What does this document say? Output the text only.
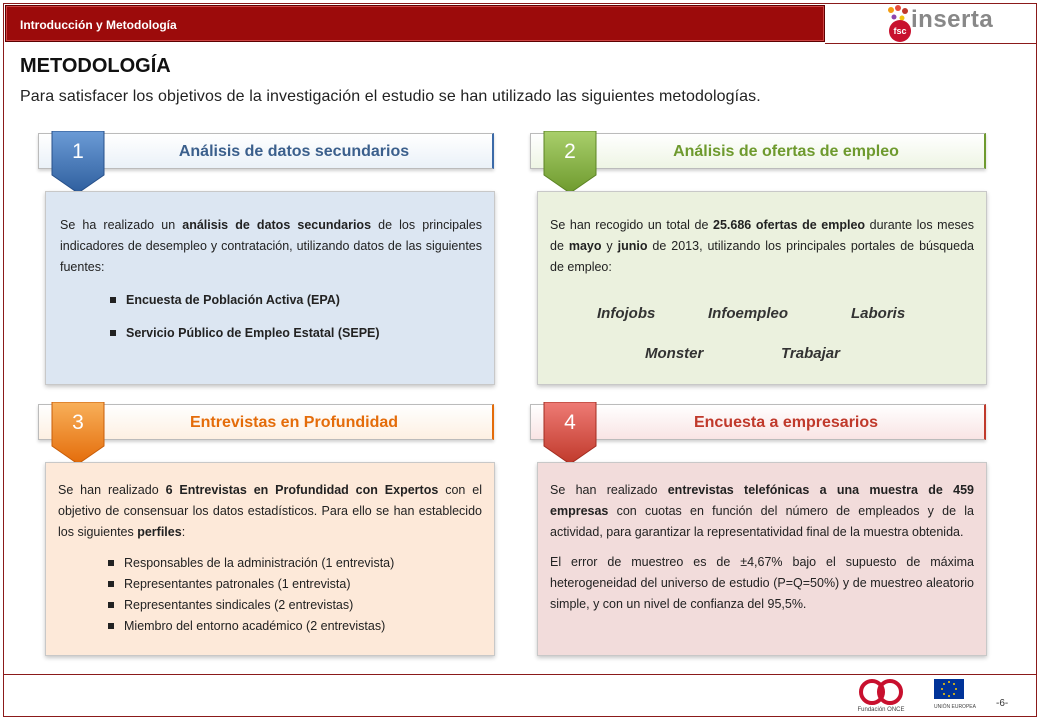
Introducción y Metodología	fsc inserta
METODOLOGÍA
Para satisfacer los objetivos de la investigación el estudio se han utilizado las siguientes metodologías.
Análisis de datos secundarios
1

Se ha realizado un análisis de datos secundarios de los principales indicadores de desempleo y contratación, utilizando datos de las siguientes fuentes:

Encuesta de Población Activa (EPA)
Servicio Público de Empleo Estatal (SEPE)
Análisis de ofertas de empleo
2

Se han recogido un total de 25.686 ofertas de empleo durante los meses de mayo y junio de 2013, utilizando los principales portales de búsqueda de empleo:

Infojobs	Infoempleo	Laboris
Monster	Trabajar
Entrevistas en Profundidad
3

Se han realizado 6 Entrevistas en Profundidad con Expertos con el objetivo de consensuar los datos estadísticos. Para ello se han establecido los siguientes perfiles:

Responsables de la administración (1 entrevista)
Representantes patronales (1 entrevista)
Representantes sindicales (2 entrevistas)
Miembro del entorno académico (2 entrevistas)
Encuesta a empresarios
4

Se han realizado entrevistas telefónicas a una muestra de 459 empresas con cuotas en función del número de empleados y de la actividad, para garantizar la representatividad final de la muestra obtenida.

El error de muestreo es de ±4,67% bajo el supuesto de máxima heterogeneidad del universo de estudio (P=Q=50%) y de muestreo aleatorio simple, y con un nivel de confianza del 95,5%.

Fundación ONCE	UNIÓN EUROPEA -6-
